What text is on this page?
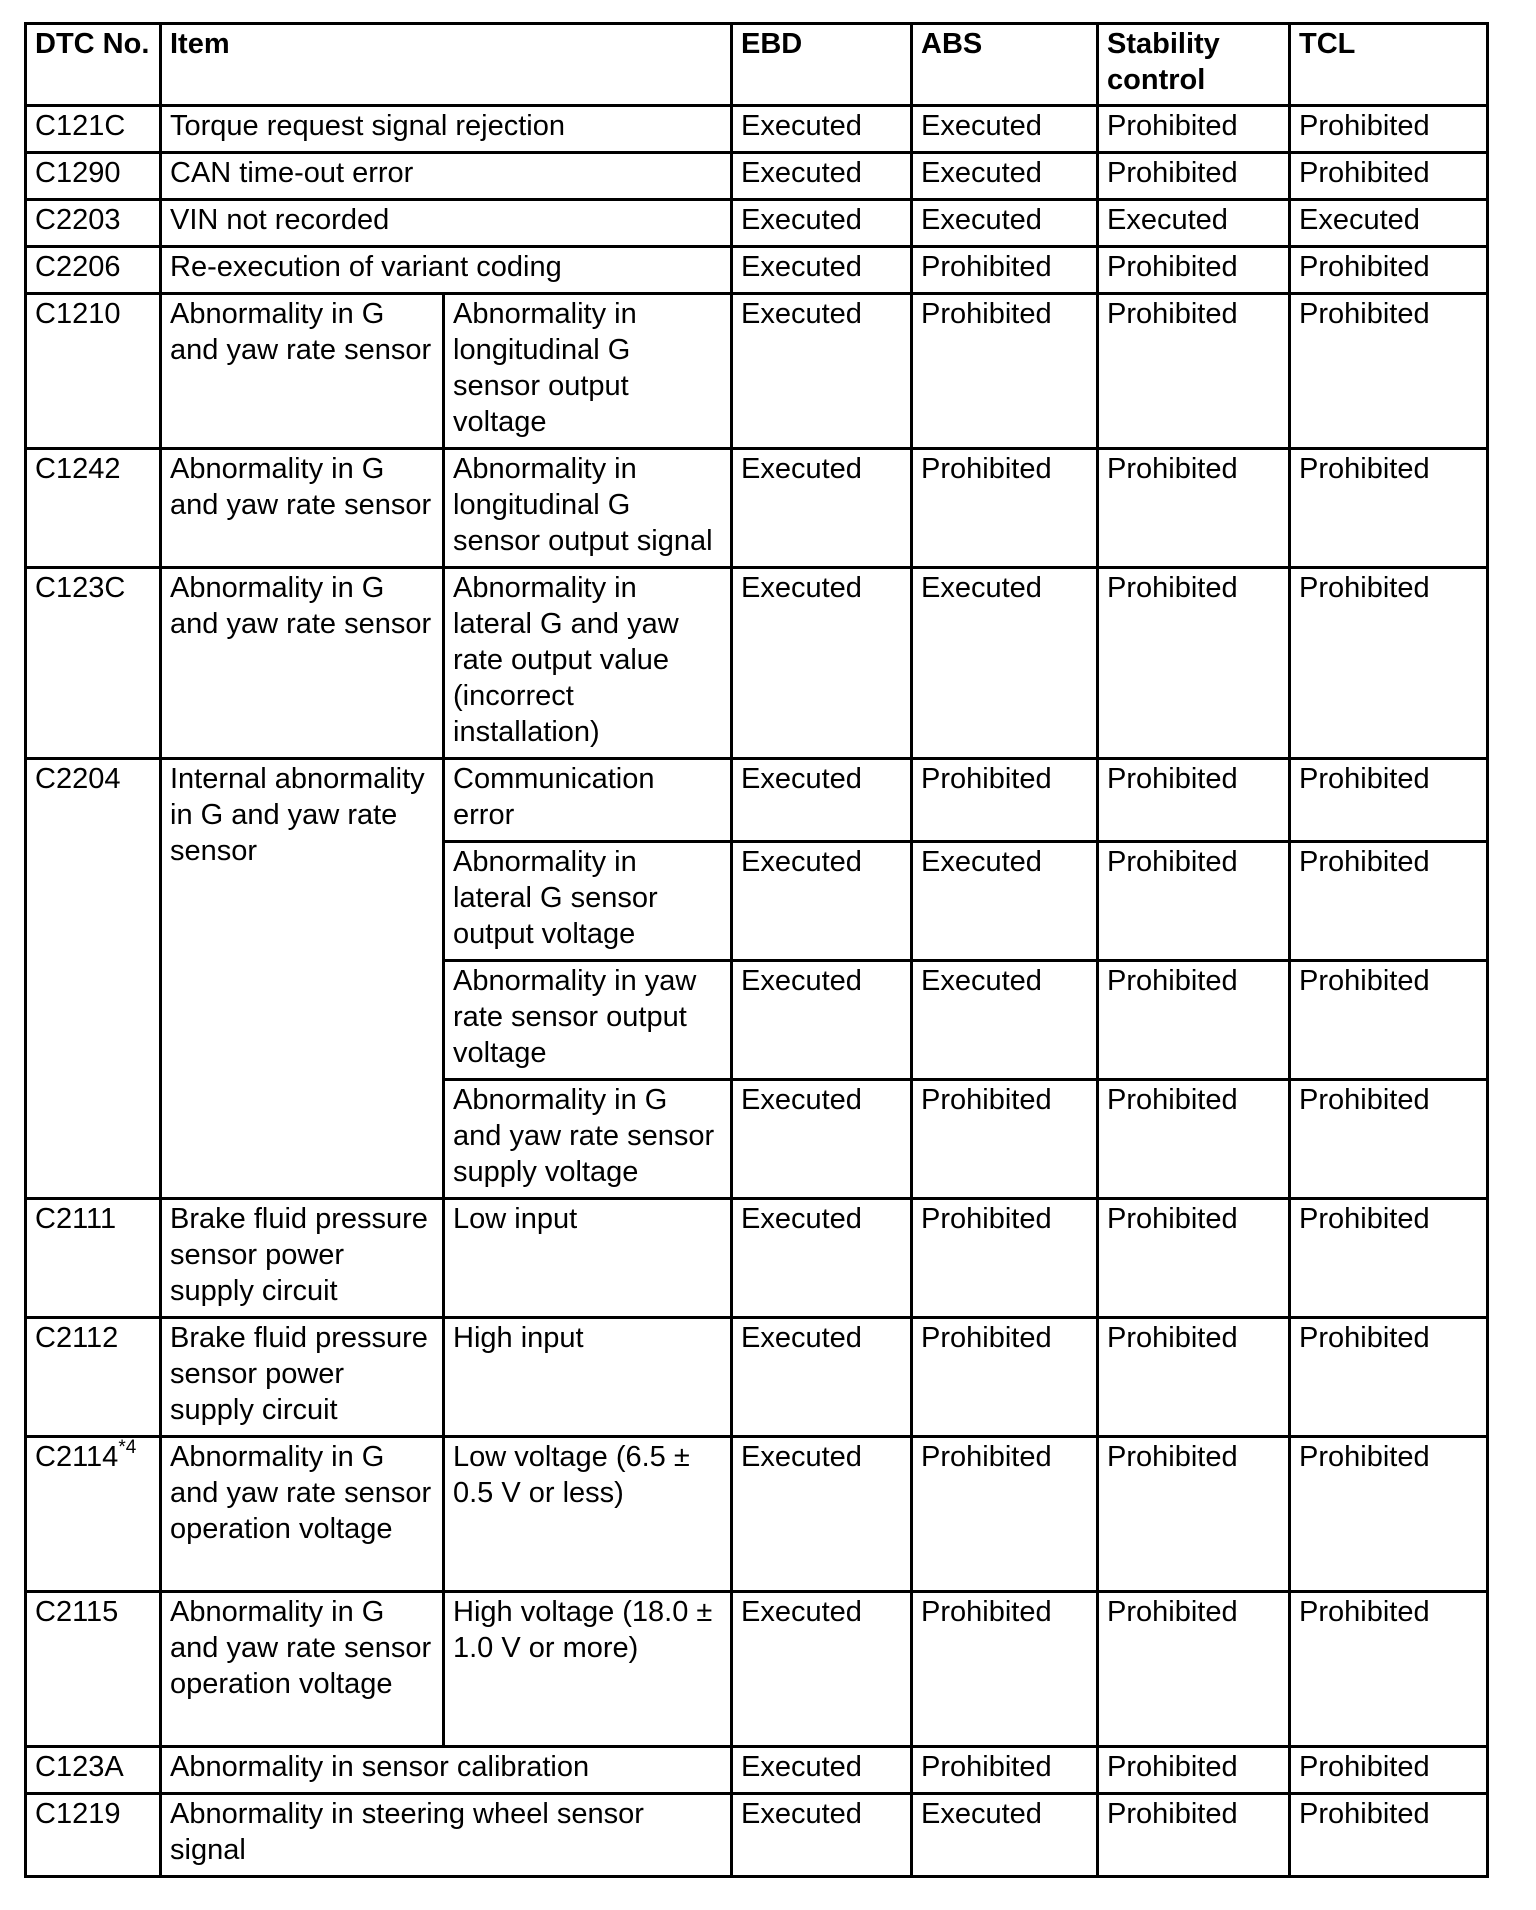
DTC No.	Item		EBD	ABS	Stability control	TCL
C121C	Torque request signal rejection		Executed	Executed	Prohibited	Prohibited
C1290	CAN time-out error		Executed	Executed	Prohibited	Prohibited
C2203	VIN not recorded		Executed	Executed	Executed	Executed
C2206	Re-execution of variant coding		Executed	Prohibited	Prohibited	Prohibited
C1210	Abnormality in G and yaw rate sensor	Abnormality in longitudinal G sensor output voltage	Executed	Prohibited	Prohibited	Prohibited
C1242	Abnormality in G and yaw rate sensor	Abnormality in longitudinal G sensor output signal	Executed	Prohibited	Prohibited	Prohibited
C123C	Abnormality in G and yaw rate sensor	Abnormality in lateral G and yaw rate output value (incorrect installation)	Executed	Executed	Prohibited	Prohibited
C2204	Internal abnormality in G and yaw rate sensor	Communication error	Executed	Prohibited	Prohibited	Prohibited
		Abnormality in lateral G sensor output voltage	Executed	Executed	Prohibited	Prohibited
		Abnormality in yaw rate sensor output voltage	Executed	Executed	Prohibited	Prohibited
		Abnormality in G and yaw rate sensor supply voltage	Executed	Prohibited	Prohibited	Prohibited
C2111	Brake fluid pressure sensor power supply circuit	Low input	Executed	Prohibited	Prohibited	Prohibited
C2112	Brake fluid pressure sensor power supply circuit	High input	Executed	Prohibited	Prohibited	Prohibited
C2114$^{*4}$	Abnormality in G and yaw rate sensor operation voltage	Low voltage (6.5 ± 0.5 V or less)	Executed	Prohibited	Prohibited	Prohibited
C2115	Abnormality in G and yaw rate sensor operation voltage	High voltage (18.0 ± 1.0 V or more)	Executed	Prohibited	Prohibited	Prohibited
C123A	Abnormality in sensor calibration		Executed	Prohibited	Prohibited	Prohibited
C1219	Abnormality in steering wheel sensor signal		Executed	Executed	Prohibited	Prohibited
